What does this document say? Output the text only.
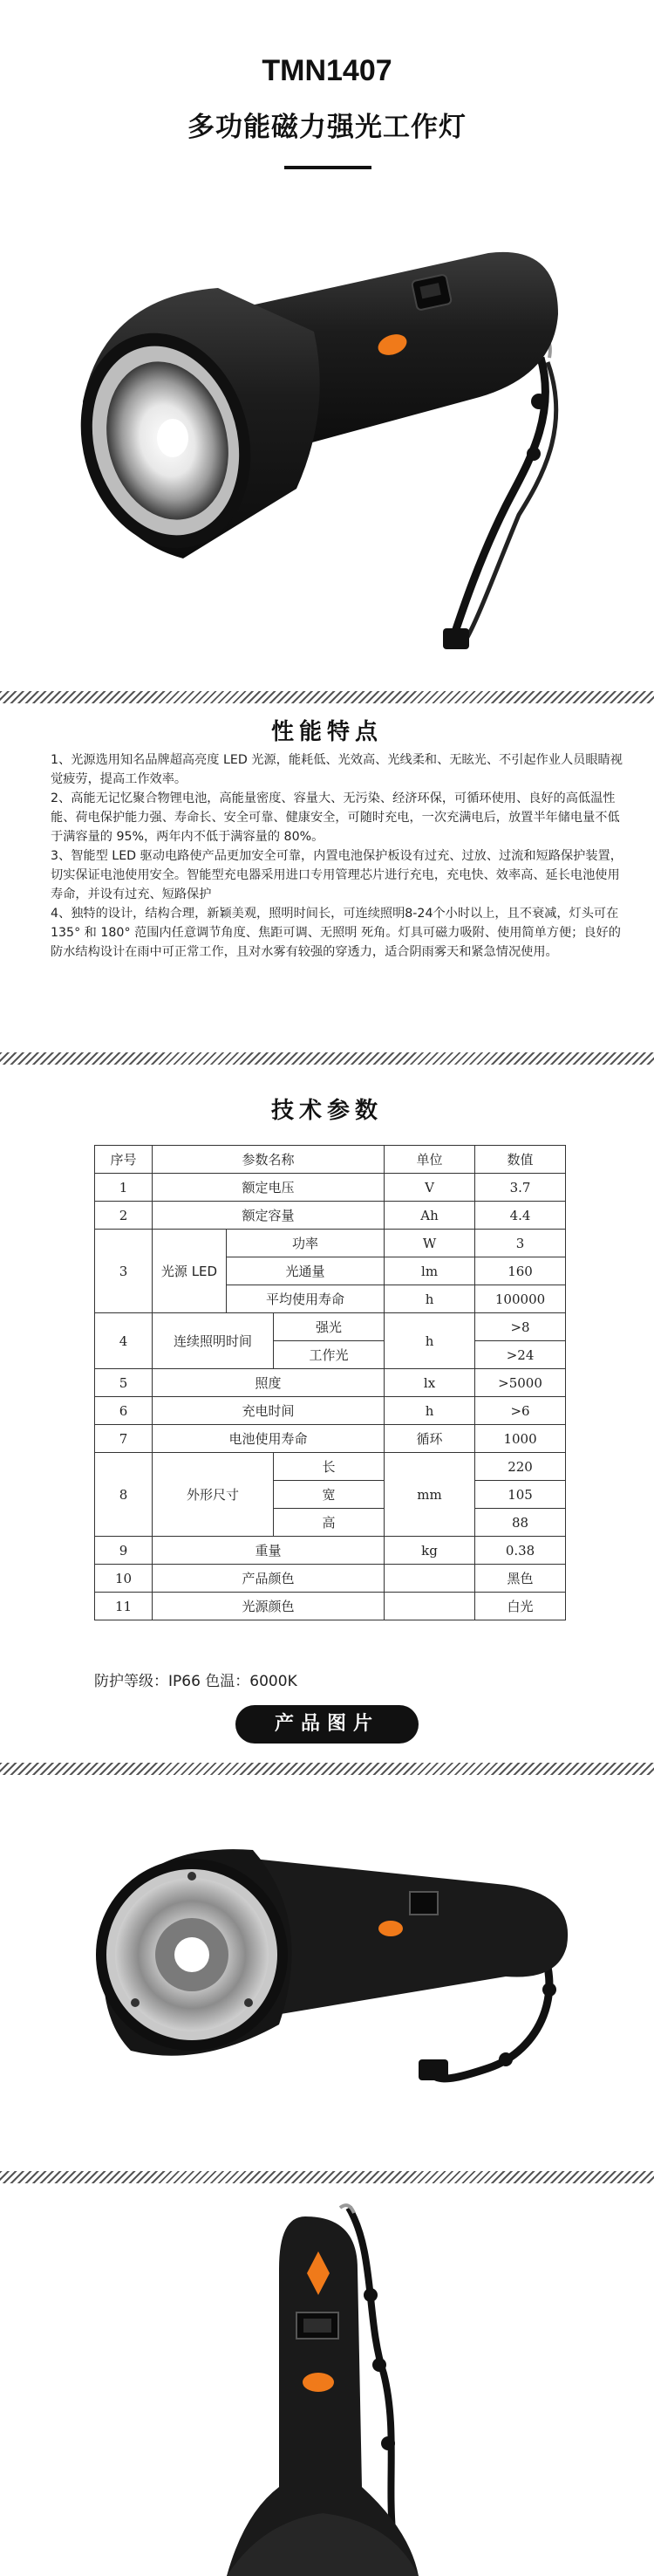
TMN1407
多功能磁力强光工作灯
性能特点

1、光源选用知名品牌超高亮度 LED 光源，能耗低、光效高、光线柔和、无眩光、不引起作业人员眼睛视觉疲劳，提高工作效率。

2、高能无记忆聚合物锂电池，高能量密度、容量大、无污染、经济环保，可循环使用、良好的高低温性能、荷电保护能力强、寿命长、安全可靠、健康安全，可随时充电，一次充满电后，放置半年储电量不低于满容量的 95%，两年内不低于满容量的 80%。

3、智能型 LED 驱动电路使产品更加安全可靠，内置电池保护板设有过充、过放、过流和短路保护装置，切实保证电池使用安全。智能型充电器采用进口专用管理芯片进行充电，充电快、效率高、延长电池使用寿命，并设有过充、短路保护

4、独特的设计，结构合理，新颖美观，照明时间长，可连续照明8-24个小时以上，且不衰减，灯头可在 135° 和 180° 范围内任意调节角度、焦距可调、无照明 死角。灯具可磁力吸附、使用简单方便；良好的防水结构设计在雨中可正常工作，且对水雾有较强的穿透力，适合阴雨雾天和紧急情况使用。

技术参数
序号	参数名称			单位	数值
1	额定电压			V	3.7
2	额定容量			Ah	4.4
3	光源 LED	功率		W	3
		光通量		lm	160
		平均使用寿命		h	100000
4	连续照明时间		强光	h	>8
			工作光		>24
5	照度			lx	>5000
6	充电时间			h	>6
7	电池使用寿命			循环	1000
8	外形尺寸		长	mm	220
			宽		105
			高		88
9	重量			kg	0.38
10	产品颜色				黑色
11	光源颜色				白光
防护等级：IP66 色温：6000K
产品图片
